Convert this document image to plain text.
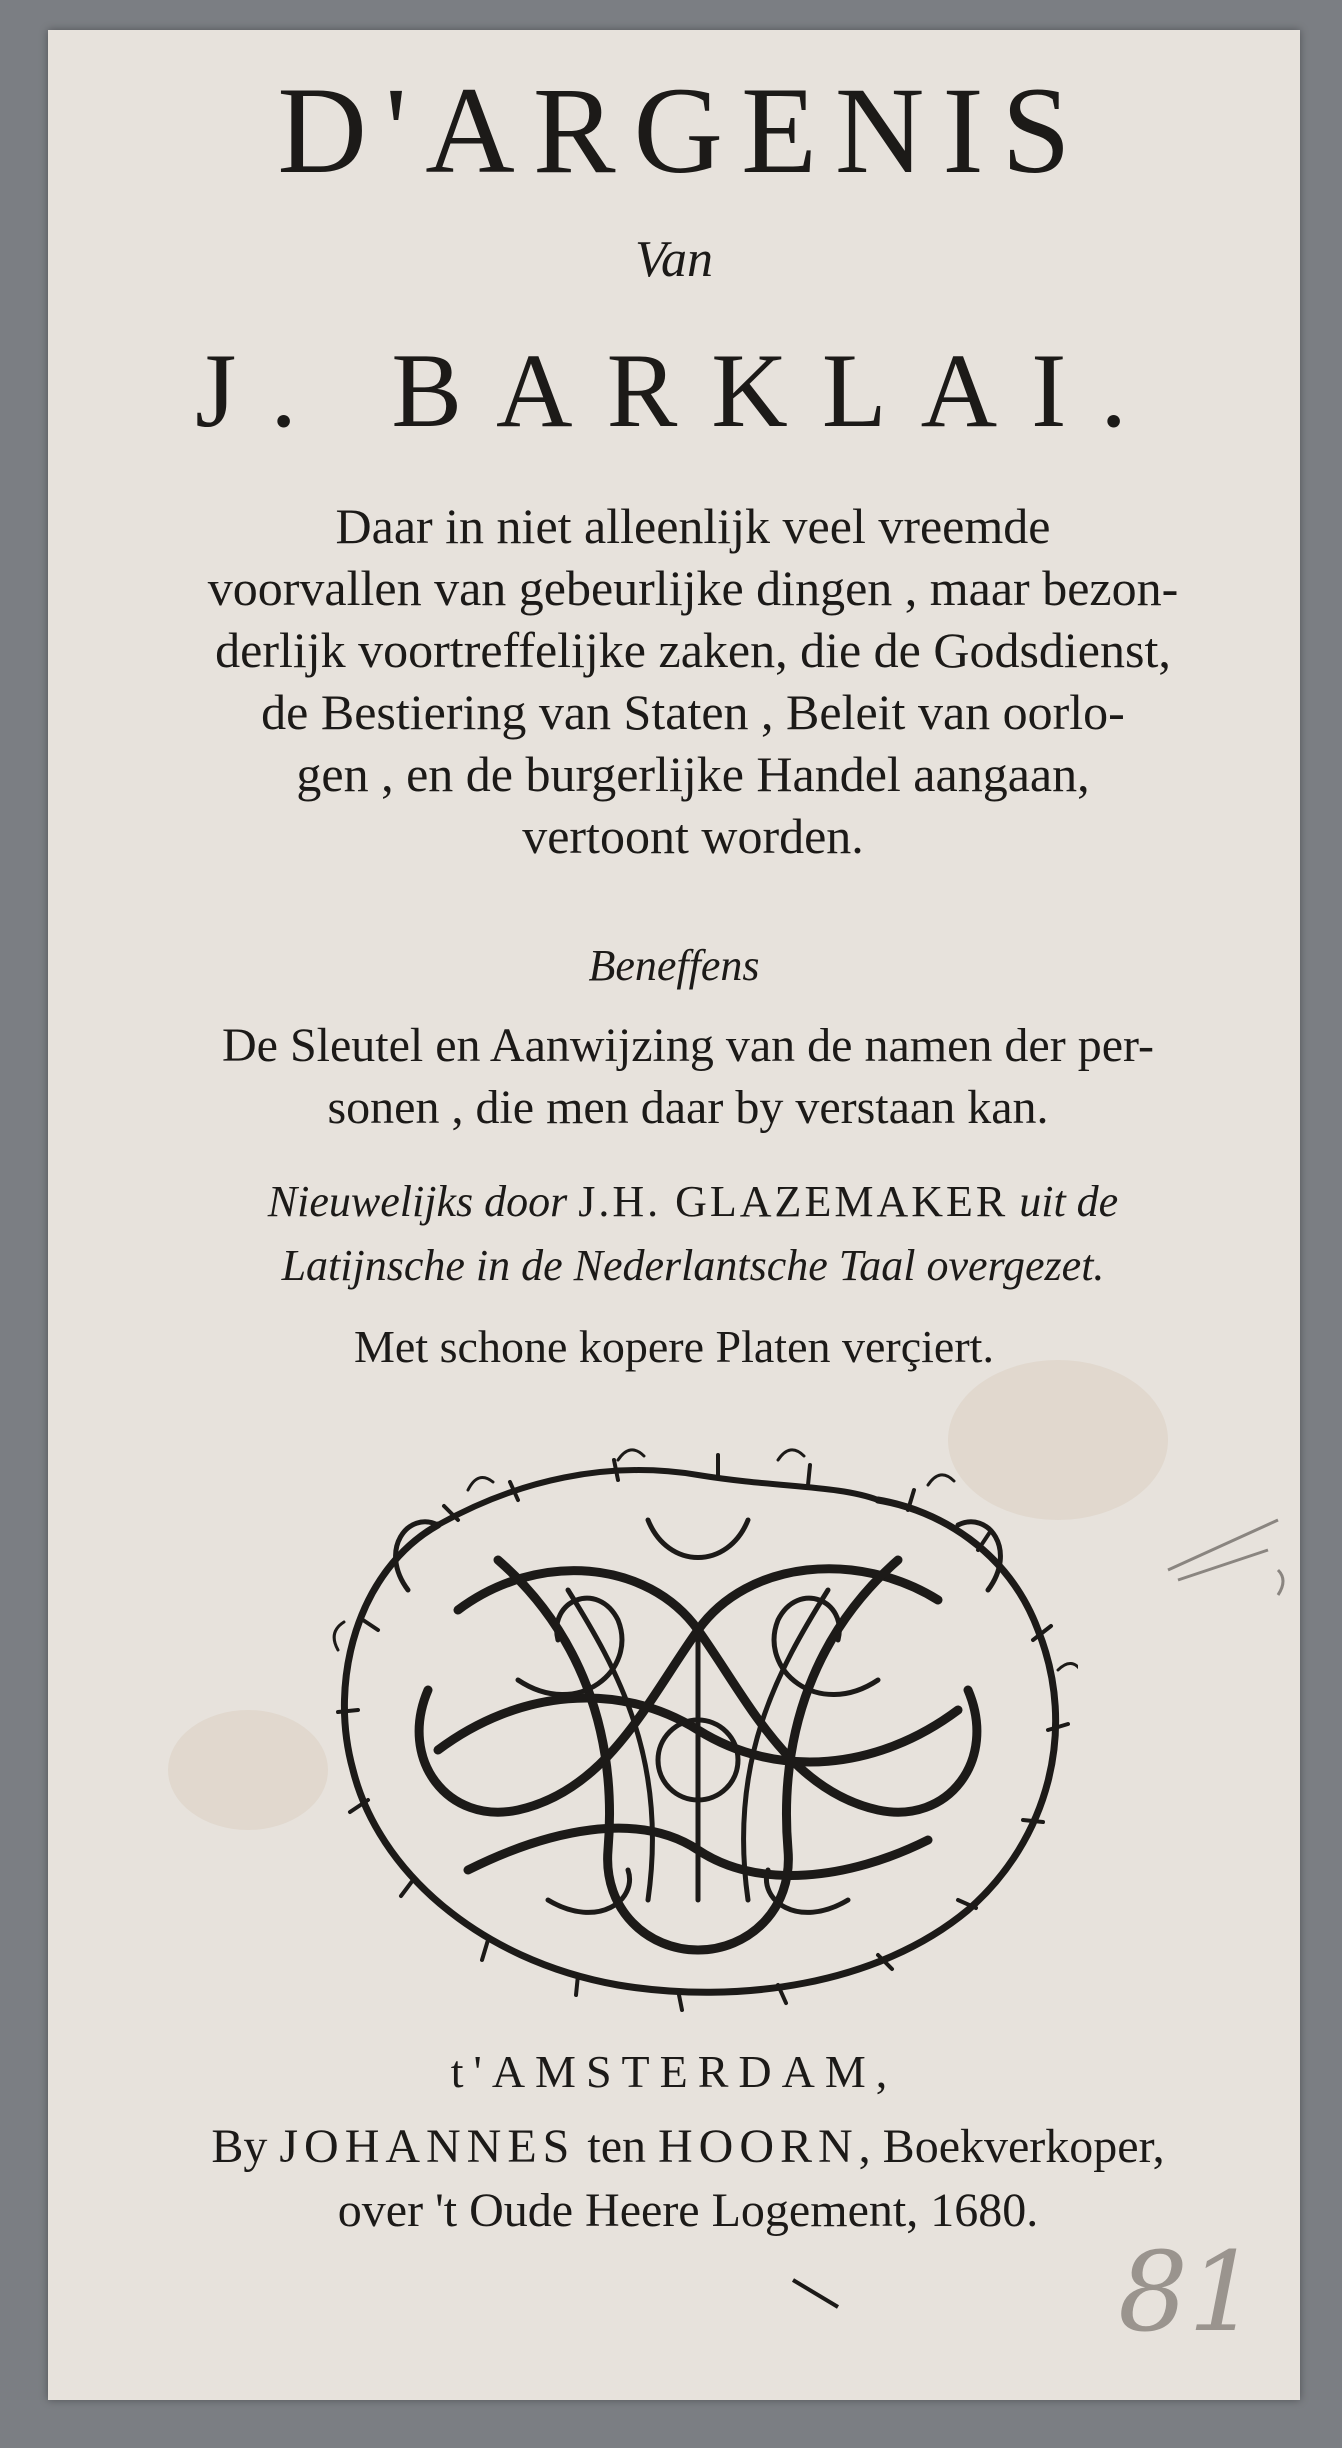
D'ARGENIS
Van
J. BARKLAI.
Daar in niet alleenlijk veel vreemde
voorvallen van gebeurlijke dingen , maar bezon-
derlijk voortreffelijke zaken, die de Godsdienst,
de Bestiering van Staten , Beleit van oorlo-
gen , en de burgerlijke Handel aangaan,
vertoont worden.
Beneffens
De Sleutel en Aanwijzing van de namen der per-
sonen , die men daar by verstaan kan.
Nieuwelijks door J.H. GLAZEMAKER uit de
Latijnsche in de Nederlantsche Taal overgezet.
Met schone kopere Platen verçiert.
t'AMSTERDAM,
By JOHANNES ten HOORN, Boekverkoper,
over 't Oude Heere Logement, 1680.
81
